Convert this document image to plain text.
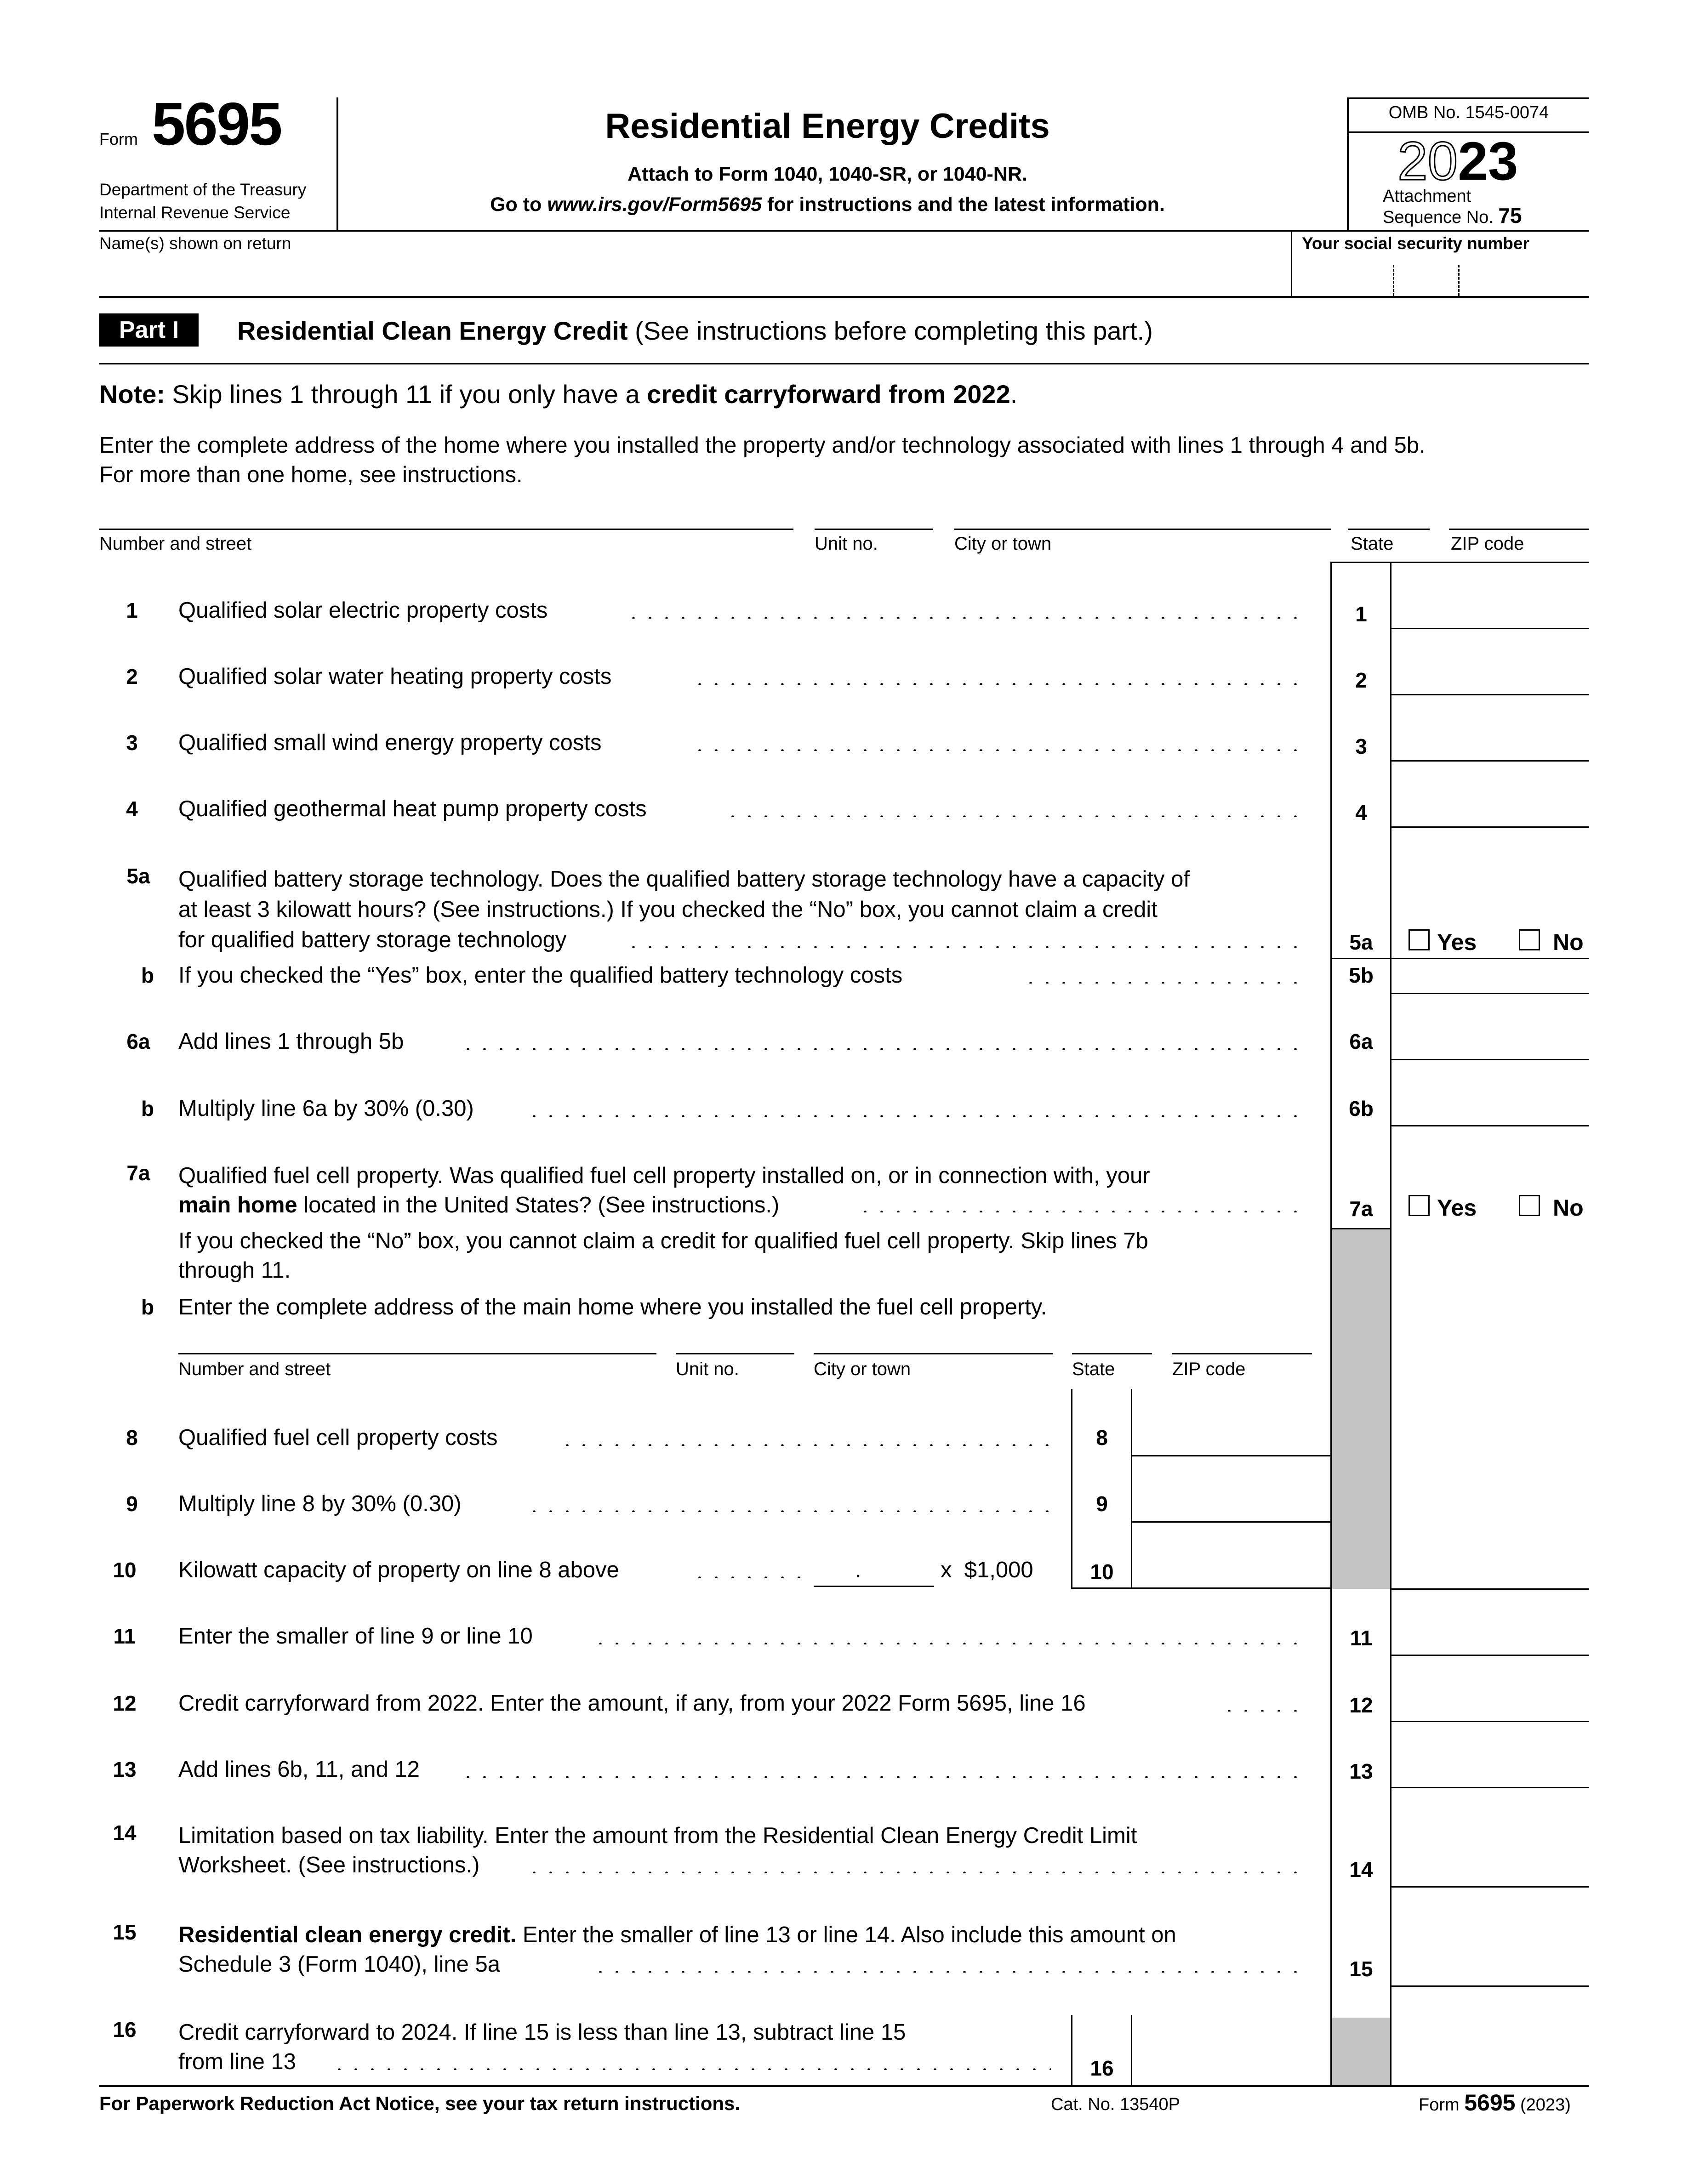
Form 5695
Department of the Treasury
Internal Revenue Service
Residential Energy Credits
Attach to Form 1040, 1040-SR, or 1040-NR.
Go to www.irs.gov/Form5695 for instructions and the latest information.
OMB No. 1545-0074
2023
Attachment
Sequence No. 75
Name(s) shown on return	Your social security number
Part I	Residential Clean Energy Credit (See instructions before completing this part.)
Note: Skip lines 1 through 11 if you only have a credit carryforward from 2022.
Enter the complete address of the home where you installed the property and/or technology associated with lines 1 through 4 and 5b.
For more than one home, see instructions.
Number and street	Unit no.	City or town	State	ZIP code
1	Qualified solar electric property costs	1
2	Qualified solar water heating property costs	2
3	Qualified small wind energy property costs	3
4	Qualified geothermal heat pump property costs	4
5a	Qualified battery storage technology. Does the qualified battery storage technology have a capacity of
at least 3 kilowatt hours? (See instructions.) If you checked the “No” box, you cannot claim a credit
for qualified battery storage technology	5a	Yes	No
b	If you checked the “Yes” box, enter the qualified battery technology costs	5b
6a	Add lines 1 through 5b	6a
b	Multiply line 6a by 30% (0.30)	6b
7a	Qualified fuel cell property. Was qualified fuel cell property installed on, or in connection with, your
main home located in the United States? (See instructions.)	7a	Yes	No
If you checked the “No” box, you cannot claim a credit for qualified fuel cell property. Skip lines 7b
through 11.
b	Enter the complete address of the main home where you installed the fuel cell property.
Number and street	Unit no.	City or town	State	ZIP code
8	Qualified fuel cell property costs	8
9	Multiply line 8 by 30% (0.30)	9
10	Kilowatt capacity of property on line 8 above	.	x  $1,000	10
11	Enter the smaller of line 9 or line 10	11
12	Credit carryforward from 2022. Enter the amount, if any, from your 2022 Form 5695, line 16	12
13	Add lines 6b, 11, and 12	13
14	Limitation based on tax liability. Enter the amount from the Residential Clean Energy Credit Limit
Worksheet. (See instructions.)	14
15	Residential clean energy credit. Enter the smaller of line 13 or line 14. Also include this amount on
Schedule 3 (Form 1040), line 5a	15
16	Credit carryforward to 2024. If line 15 is less than line 13, subtract line 15
from line 13	16
For Paperwork Reduction Act Notice, see your tax return instructions.	Cat. No. 13540P	Form 5695 (2023)
